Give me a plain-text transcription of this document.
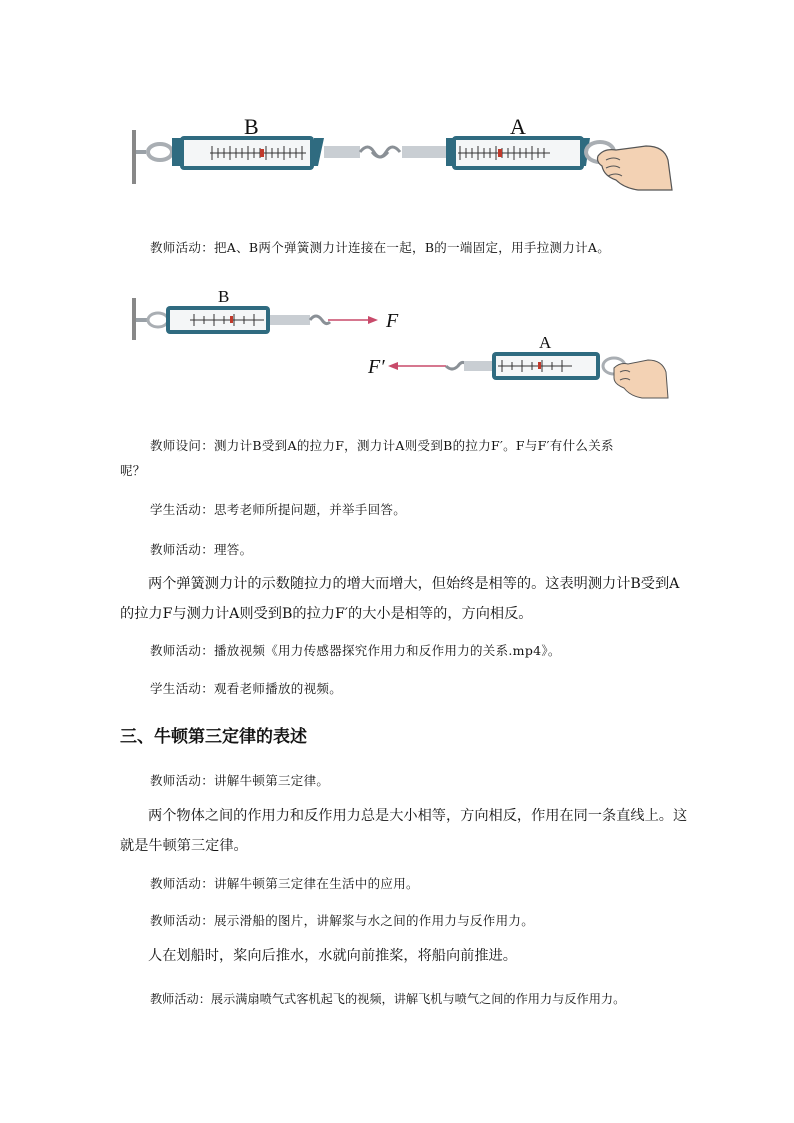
B	A
教师活动：把A、B两个弹簧测力计连接在一起，B的一端固定，用手拉测力计A。
B
A
F
F′
教师设问：测力计B受到A的拉力F，测力计A则受到B的拉力F′。F与F′有什么关系
呢？
学生活动：思考老师所提问题，并举手回答。
教师活动：理答。
两个弹簧测力计的示数随拉力的增大而增大，但始终是相等的。这表明测力计B受到A
的拉力F与测力计A则受到B的拉力F′的大小是相等的，方向相反。
教师活动：播放视频《用力传感器探究作用力和反作用力的关系.mp4》。
学生活动：观看老师播放的视频。
三、牛顿第三定律的表述
教师活动：讲解牛顿第三定律。
两个物体之间的作用力和反作用力总是大小相等，方向相反，作用在同一条直线上。这
就是牛顿第三定律。
教师活动：讲解牛顿第三定律在生活中的应用。
教师活动：展示滑船的图片，讲解浆与水之间的作用力与反作用力。
人在划船时，桨向后推水，水就向前推桨，将船向前推进。
教师活动：展示满扇喷气式客机起飞的视频，讲解飞机与喷气之间的作用力与反作用力。
